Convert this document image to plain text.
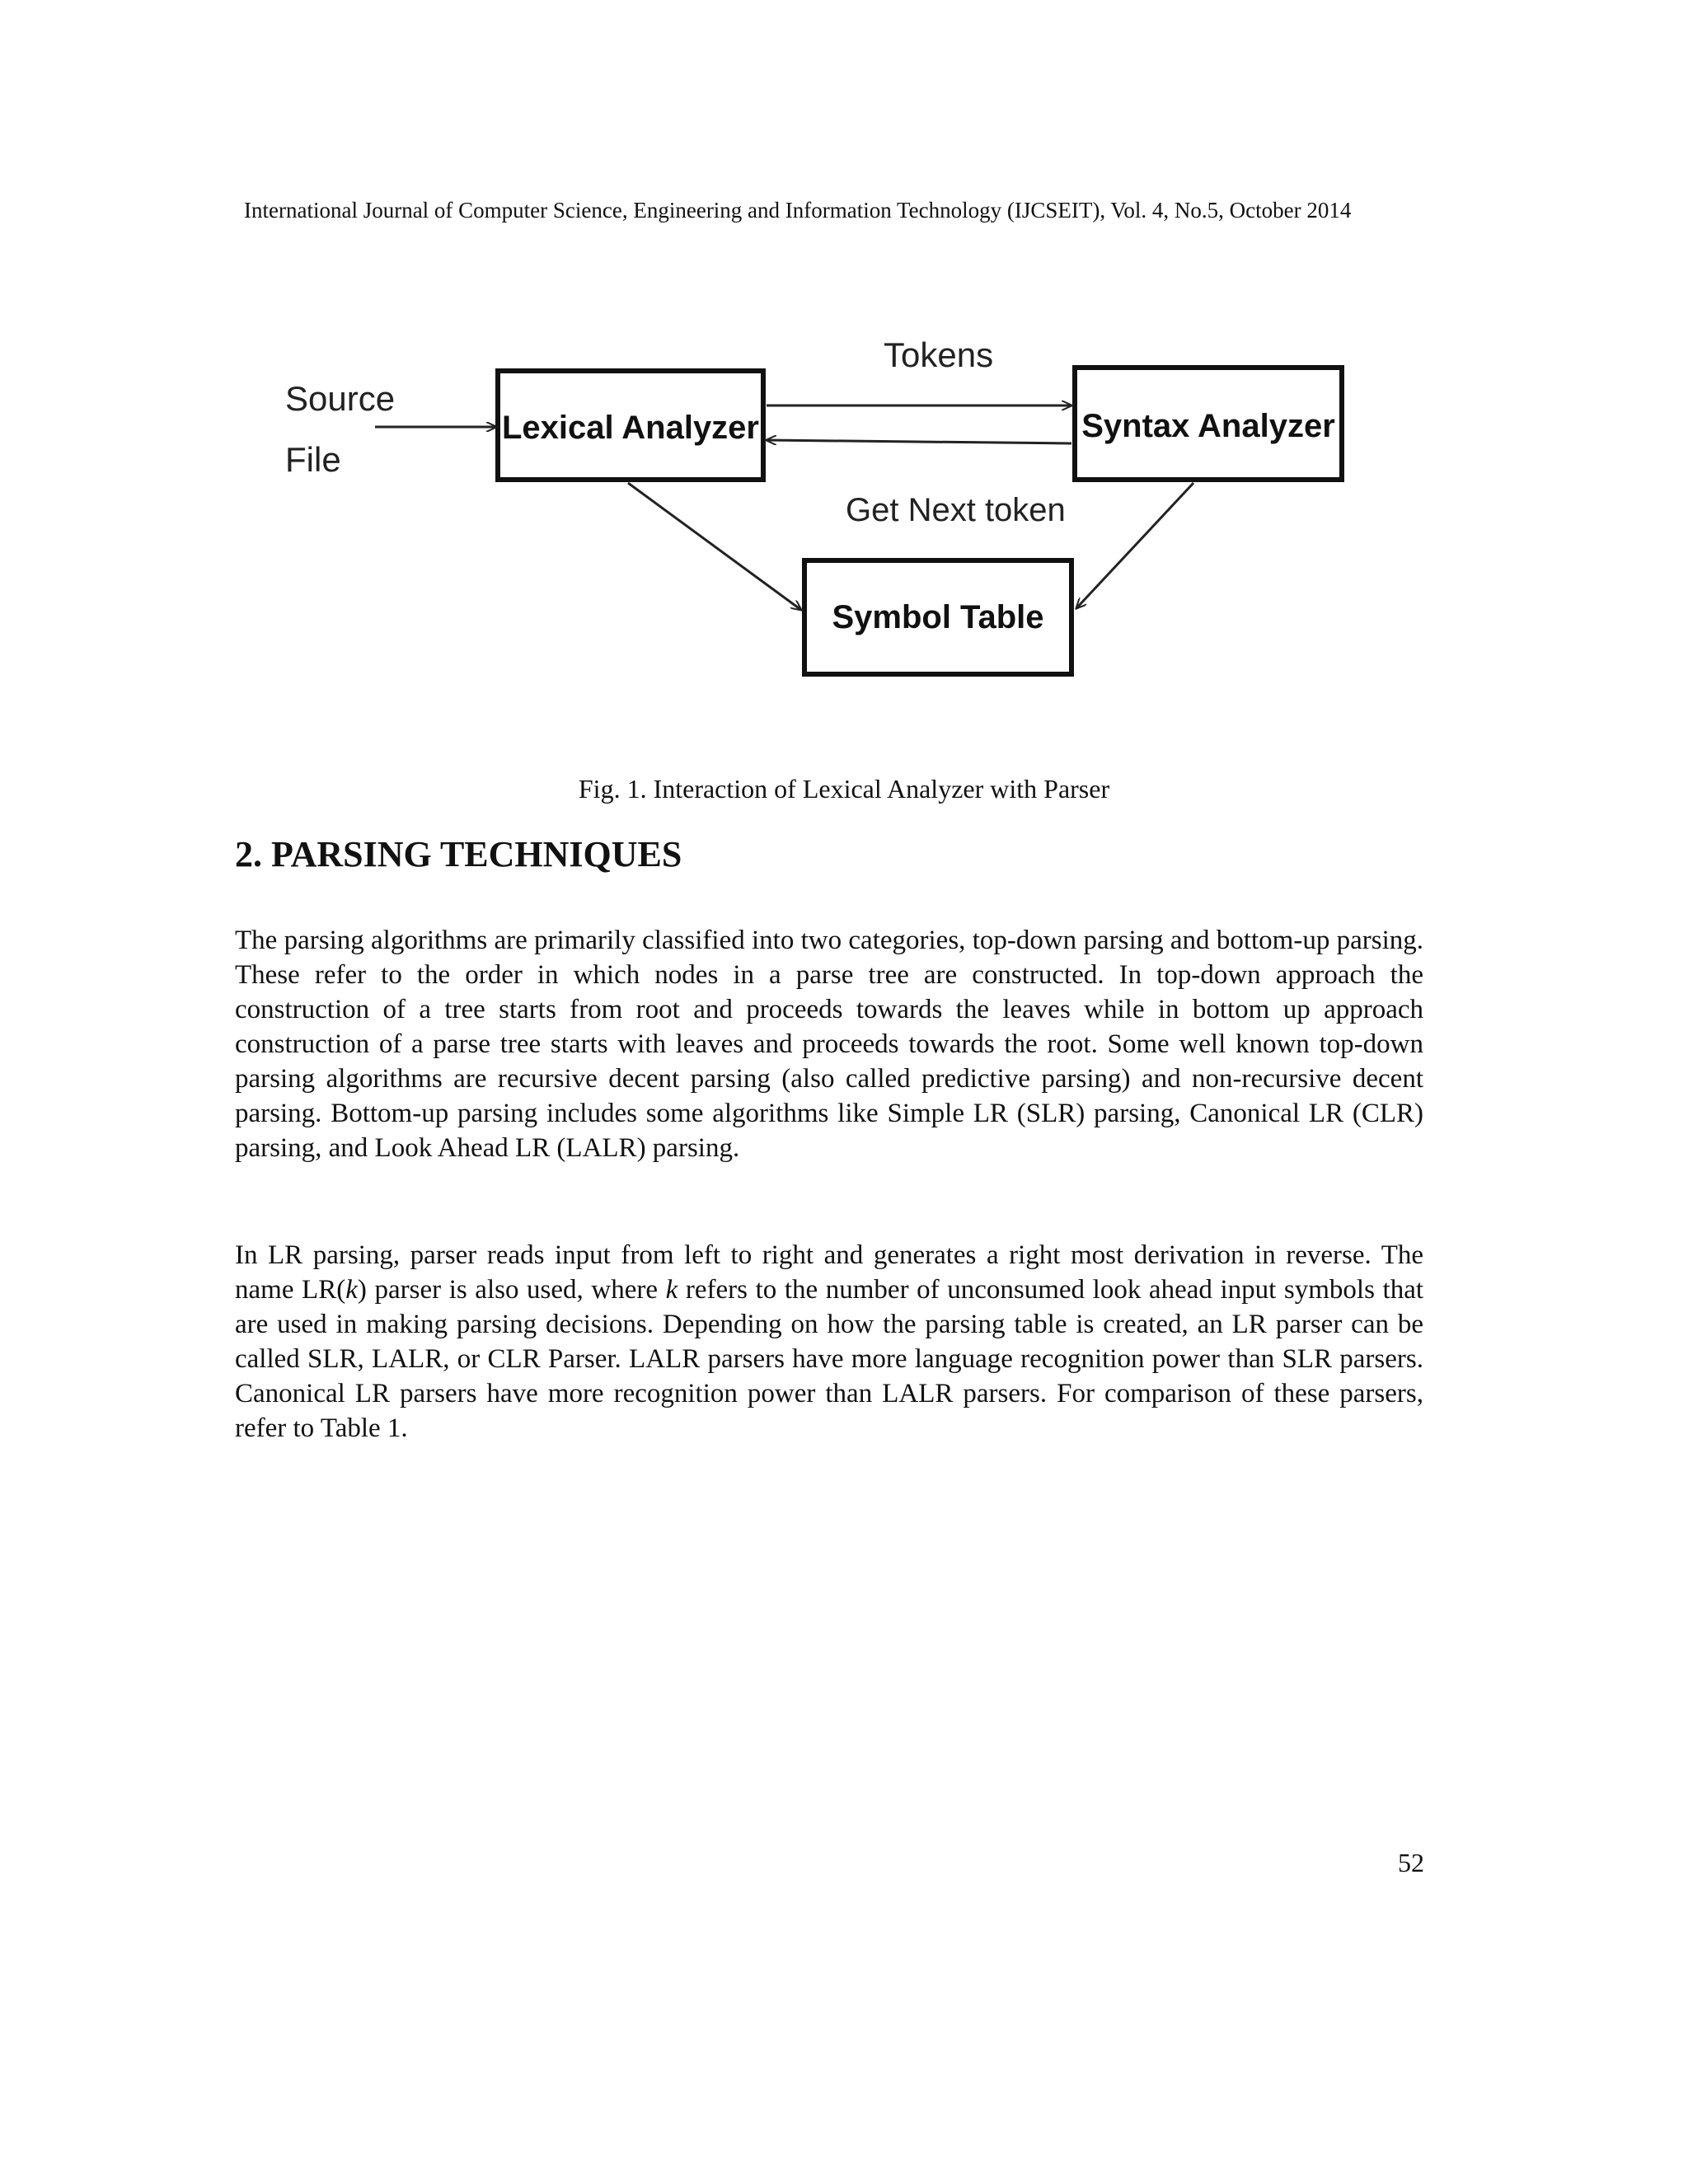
International Journal of Computer Science, Engineering and Information Technology (IJCSEIT), Vol. 4, No.5, October 2014
Source
File
Lexical Analyzer	Syntax Analyzer
Symbol Table
Tokens
Get Next token
Fig. 1. Interaction of Lexical Analyzer with Parser
2. PARSING TECHNIQUES

The parsing algorithms are primarily classified into two categories, top-down parsing and bottom-up parsing. These refer to the order in which nodes in a parse tree are constructed. In top-down approach the construction of a tree starts from root and proceeds towards the leaves while in bottom up approach construction of a parse tree starts with leaves and proceeds towards the root. Some well known top-down parsing algorithms are recursive decent parsing (also called predictive parsing) and non-recursive decent parsing. Bottom-up parsing includes some algorithms like Simple LR (SLR) parsing, Canonical LR (CLR) parsing, and Look Ahead LR (LALR) parsing.

In LR parsing, parser reads input from left to right and generates a right most derivation in reverse. The name LR(k) parser is also used, where k refers to the number of unconsumed look ahead input symbols that are used in making parsing decisions. Depending on how the parsing table is created, an LR parser can be called SLR, LALR, or CLR Parser. LALR parsers have more language recognition power than SLR parsers. Canonical LR parsers have more recognition power than LALR parsers. For comparison of these parsers, refer to Table 1.

52
